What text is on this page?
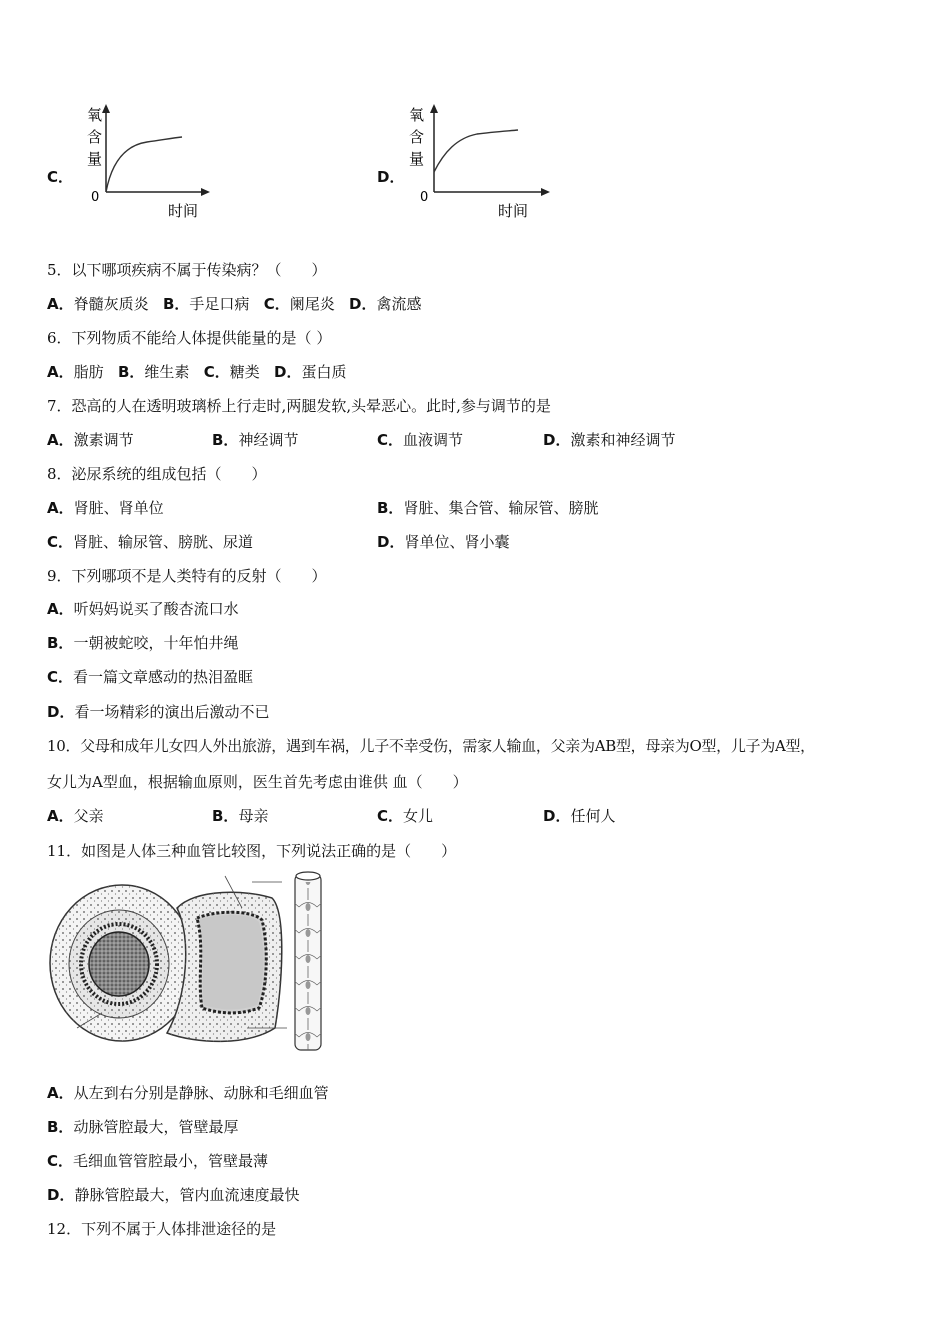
C．
氧
含
量
0
时间
D．
氧
含
量
0
时间
5．以下哪项疾病不属于传染病？（　　）
A．脊髓灰质炎 B．手足口病 C．阑尾炎 D．禽流感
6．下列物质不能给人体提供能量的是（ ）
A．脂肪 B．维生素 C．糖类 D．蛋白质
7．恐高的人在透明玻璃桥上行走时,两腿发软,头晕恶心。此时,参与调节的是
A．激素调节	B．神经调节	C．血液调节	D．激素和神经调节
8．泌尿系统的组成包括（　　）
A．肾脏、肾单位	B．肾脏、集合管、输尿管、膀胱
C．肾脏、输尿管、膀胱、尿道	D．肾单位、肾小囊
9．下列哪项不是人类特有的反射（　　）
A．听妈妈说买了酸杏流口水
B．一朝被蛇咬，十年怕井绳
C．看一篇文章感动的热泪盈眶
D．看一场精彩的演出后激动不已
10．父母和成年儿女四人外出旅游，遇到车祸，儿子不幸受伤，需家人输血，父亲为AB型，母亲为O型，儿子为A型，
女儿为A型血，根据输血原则，医生首先考虑由谁供 血（　　）
A．父亲	B．母亲	C．女儿	D．任何人
11．如图是人体三种血管比较图，下列说法正确的是（　　）
A．从左到右分别是静脉、动脉和毛细血管
B．动脉管腔最大，管壁最厚
C．毛细血管管腔最小，管壁最薄
D．静脉管腔最大，管内血流速度最快
12．下列不属于人体排泄途径的是
